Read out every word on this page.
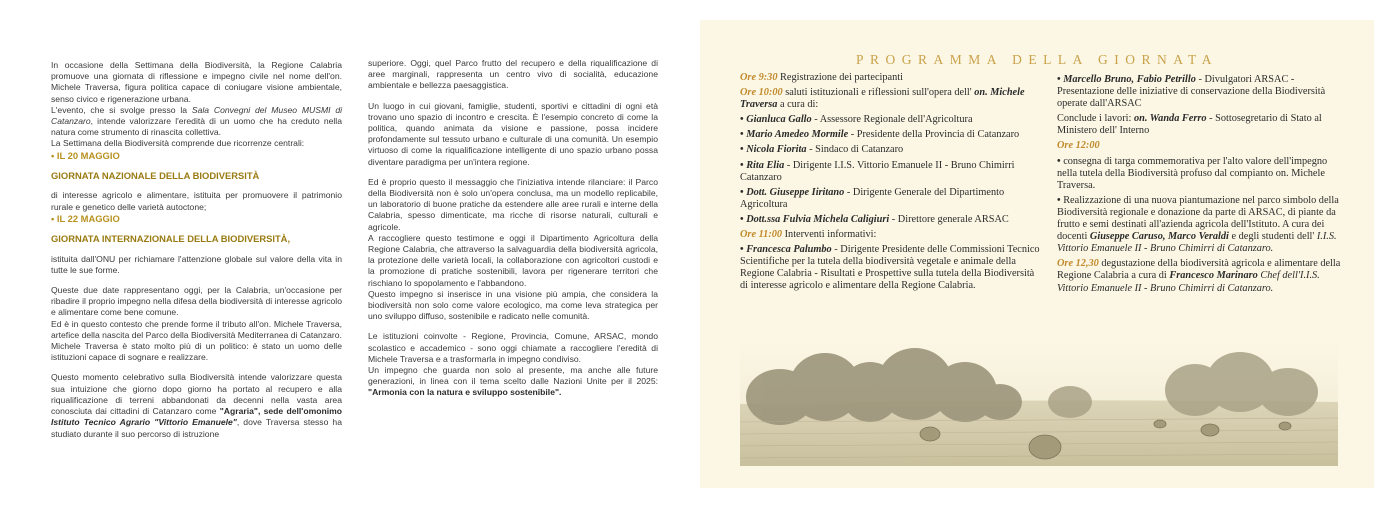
In occasione della Settimana della Biodiversità, la Regione Calabria promuove una giornata di riflessione e impegno civile nel nome dell'on. Michele Traversa, figura politica capace di coniugare visione ambientale, senso civico e rigenerazione urbana.

L'evento, che si svolge presso la Sala Convegni del Museo MUSMI di Catanzaro, intende valorizzare l'eredità di un uomo che ha creduto nella natura come strumento di rinascita collettiva.

La Settimana della Biodiversità comprende due ricorrenze centrali:

• IL 20 MAGGIO

GIORNATA NAZIONALE DELLA BIODIVERSITÀ

di interesse agricolo e alimentare, istituita per promuovere il patrimonio rurale e genetico delle varietà autoctone;

• IL 22 MAGGIO

GIORNATA INTERNAZIONALE DELLA BIODIVERSITÀ,

istituita dall'ONU per richiamare l'attenzione globale sul valore della vita in tutte le sue forme.

Queste due date rappresentano oggi, per la Calabria, un'occasione per ribadire il proprio impegno nella difesa della biodiversità di interesse agricolo e alimentare come bene comune.

Ed è in questo contesto che prende forme il tributo all'on. Michele Traversa, artefice della nascita del Parco della Biodiversità Mediterranea di Catanzaro.

Michele Traversa è stato molto più di un politico: è stato un uomo delle istituzioni capace di sognare e realizzare.

Questo momento celebrativo sulla Biodiversità intende valorizzare questa sua intuizione che giorno dopo giorno ha portato al recupero e alla riqualificazione di terreni abbandonati da decenni nella vasta area conosciuta dai cittadini di Catanzaro come "Agraria", sede dell'omonimo Istituto Tecnico Agrario "Vittorio Emanuele", dove Traversa stesso ha studiato durante il suo percorso di istruzione

superiore. Oggi, quel Parco frutto del recupero e della riqualificazione di aree marginali, rappresenta un centro vivo di socialità, educazione ambientale e bellezza paesaggistica.

Un luogo in cui giovani, famiglie, studenti, sportivi e cittadini di ogni età trovano uno spazio di incontro e crescita. È l'esempio concreto di come la politica, quando animata da visione e passione, possa incidere profondamente sul tessuto urbano e culturale di una comunità. Un esempio virtuoso di come la riqualificazione intelligente di uno spazio urbano possa diventare paradigma per un'intera regione.

Ed è proprio questo il messaggio che l'iniziativa intende rilanciare: il Parco della Biodiversità non è solo un'opera conclusa, ma un modello replicabile, un laboratorio di buone pratiche da estendere alle aree rurali e interne della Calabria, spesso dimenticate, ma ricche di risorse naturali, culturali e agricole.

A raccogliere questo testimone e oggi il Dipartimento Agricoltura della Regione Calabria, che attraverso la salvaguardia della biodiversità agricola, la protezione delle varietà locali, la collaborazione con agricoltori custodi e la promozione di pratiche sostenibili, lavora per rigenerare territori che rischiano lo spopolamento e l'abbandono.

Questo impegno si inserisce in una visione più ampia, che considera la biodiversità non solo come valore ecologico, ma come leva strategica per uno sviluppo diffuso, sostenibile e radicato nelle comunità.

Le istituzioni coinvolte - Regione, Provincia, Comune, ARSAC, mondo scolastico e accademico - sono oggi chiamate a raccogliere l'eredità di Michele Traversa e a trasformarla in impegno condiviso.

Un impegno che guarda non solo al presente, ma anche alle future generazioni, in linea con il tema scelto dalle Nazioni Unite per il 2025: "Armonia con la natura e sviluppo sostenibile".

PROGRAMMA DELLA GIORNATA

Ore 9:30 Registrazione dei partecipanti

Ore 10:00 saluti istituzionali e riflessioni sull'opera dell' on. Michele Traversa a cura di:

• Gianluca Gallo - Assessore Regionale dell'Agricoltura

• Mario Amedeo Mormile - Presidente della Provincia di Catanzaro

• Nicola Fiorita - Sindaco di Catanzaro

• Rita Elia - Dirigente I.I.S. Vittorio Emanuele II - Bruno Chimirri Catanzaro

• Dott. Giuseppe Iiritano - Dirigente Generale del Dipartimento Agricoltura

• Dott.ssa Fulvia Michela Caligiuri - Direttore generale ARSAC

Ore 11:00 Interventi informativi:

• Francesca Palumbo - Dirigente Presidente delle Commissioni Tecnico Scientifiche per la tutela della biodiversità vegetale e animale della Regione Calabria - Risultati e Prospettive sulla tutela della Biodiversità di interesse agricolo e alimentare della Regione Calabria.

• Marcello Bruno, Fabio Petrillo - Divulgatori ARSAC - Presentazione delle iniziative di conservazione della Biodiversità operate dall'ARSAC

Conclude i lavori: on. Wanda Ferro - Sottosegretario di Stato al Ministero dell' Interno

Ore 12:00

• consegna di targa commemorativa per l'alto valore dell'impegno nella tutela della Biodiversità profuso dal compianto on. Michele Traversa.

• Realizzazione di una nuova piantumazione nel parco simbolo della Biodiversità regionale e donazione da parte di ARSAC, di piante da frutto e semi destinati all'azienda agricola dell'Istituto. A cura dei docenti Giuseppe Caruso, Marco Veraldi e degli studenti dell' I.I.S. Vittorio Emanuele II - Bruno Chimirri di Catanzaro.

Ore 12,30 degustazione della biodiversità agricola e alimentare della Regione Calabria a cura di Francesco Marinaro Chef dell'I.I.S. Vittorio Emanuele II - Bruno Chimirri di Catanzaro.
